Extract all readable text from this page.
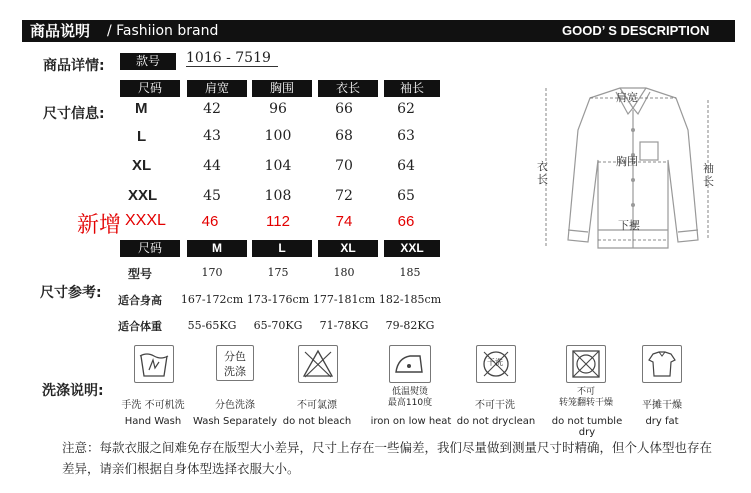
商品说明 / Fashiion brand	GOOD’ S DESCRIPTION
商品详情:	款号	1016 - 7519
尺寸信息:
尺码	肩宽	胸围	衣长	袖长
M	42	96	66	62
L	43	100	68	63
XL	44	104	70	64
XXL	45	108	72	65
新增 XXXL	46	112	74	66
尺码	M	L	XL	XXL
尺寸参考:
型号	170	175	180	185
适合身高	167-172cm 173-176cm 177-181cm 182-185cm
适合体重	55-65KG	65-70KG	71-78KG	79-82KG
肩宽
胸围
下摆
衣长
袖长
洗涤说明:
分色
洗涤
干洗
手洗 不可机洗
Hand Wash
分色洗涤
Wash Separately
不可氯漂
do not bleach
低温熨烫
最高110度
iron on low heat
不可干洗
do not dryclean
不可
转笼翻转干燥
do not tumble dry
平摊干燥
dry fat
注意：每款衣服之间难免存在版型大小差异，尺寸上存在一些偏差，我们尽量做到测量尺寸时精确，但个人体型也存在差异，请亲们根据自身体型选择衣服大小。
